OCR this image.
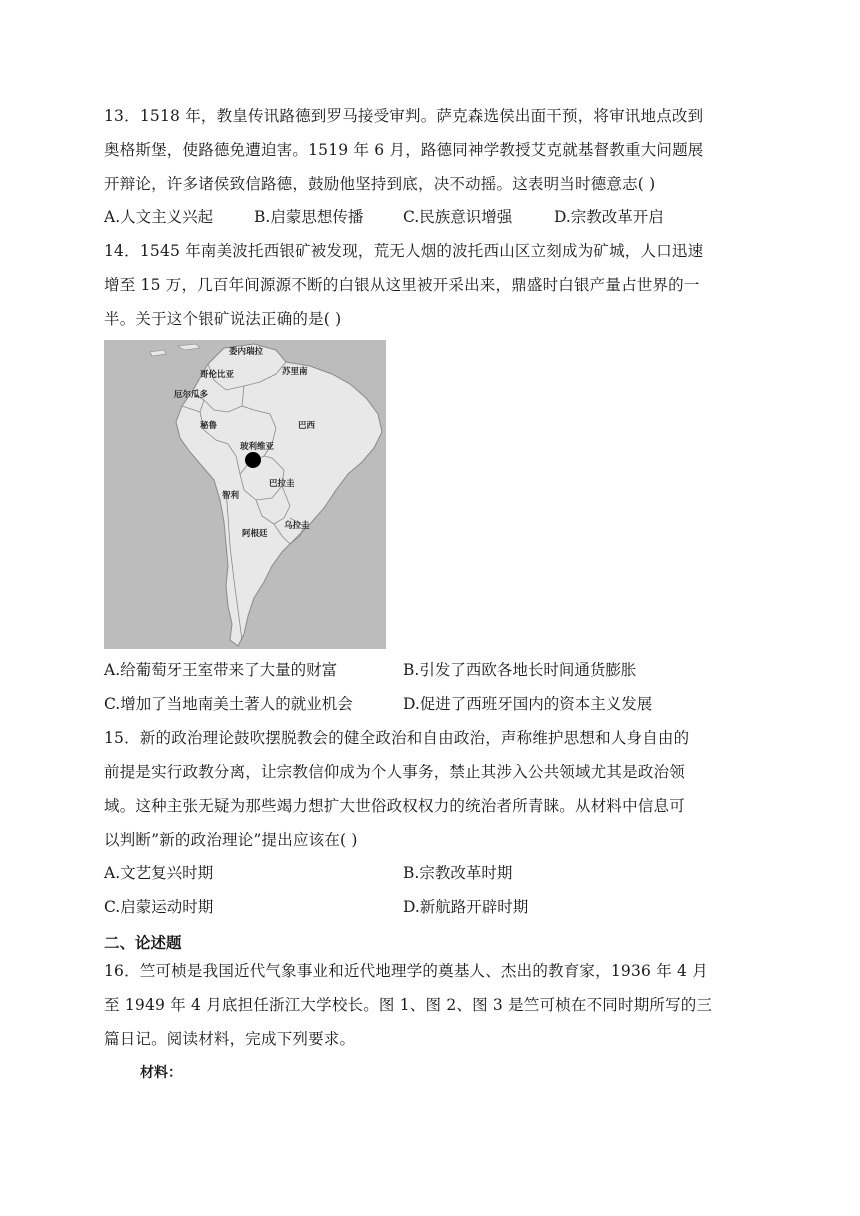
13．1518 年，教皇传讯路德到罗马接受审判。萨克森选侯出面干预，将审讯地点改到
奥格斯堡，使路德免遭迫害。1519 年 6 月，路德同神学教授艾克就基督教重大问题展
开辩论，许多诸侯致信路德，鼓励他坚持到底，决不动摇。这表明当时德意志( )
A.人文主义兴起	B.启蒙思想传播	C.民族意识增强	D.宗教改革开启
14．1545 年南美波托西银矿被发现，荒无人烟的波托西山区立刻成为矿城，人口迅速
增至 15 万，几百年间源源不断的白银从这里被开采出来，鼎盛时白银产量占世界的一
半。关于这个银矿说法正确的是( )
委内瑞拉
哥伦比亚	苏里南
厄尔瓜多
秘鲁	巴西
玻利维亚
巴拉圭
智利
乌拉圭
阿根廷
A.给葡萄牙王室带来了大量的财富	B.引发了西欧各地长时间通货膨胀
C.增加了当地南美土著人的就业机会	D.促进了西班牙国内的资本主义发展
15．新的政治理论鼓吹摆脱教会的健全政治和自由政治，声称维护思想和人身自由的
前提是实行政教分离，让宗教信仰成为个人事务，禁止其涉入公共领域尤其是政治领
域。这种主张无疑为那些竭力想扩大世俗政权权力的统治者所青睐。从材料中信息可
以判断”新的政治理论”提出应该在( )
A.文艺复兴时期	B.宗教改革时期
C.启蒙运动时期	D.新航路开辟时期
二、论述题
16．竺可桢是我国近代气象事业和近代地理学的奠基人、杰出的教育家，1936 年 4 月
至 1949 年 4 月底担任浙江大学校长。图 1、图 2、图 3 是竺可桢在不同时期所写的三
篇日记。阅读材料，完成下列要求。
材料：
